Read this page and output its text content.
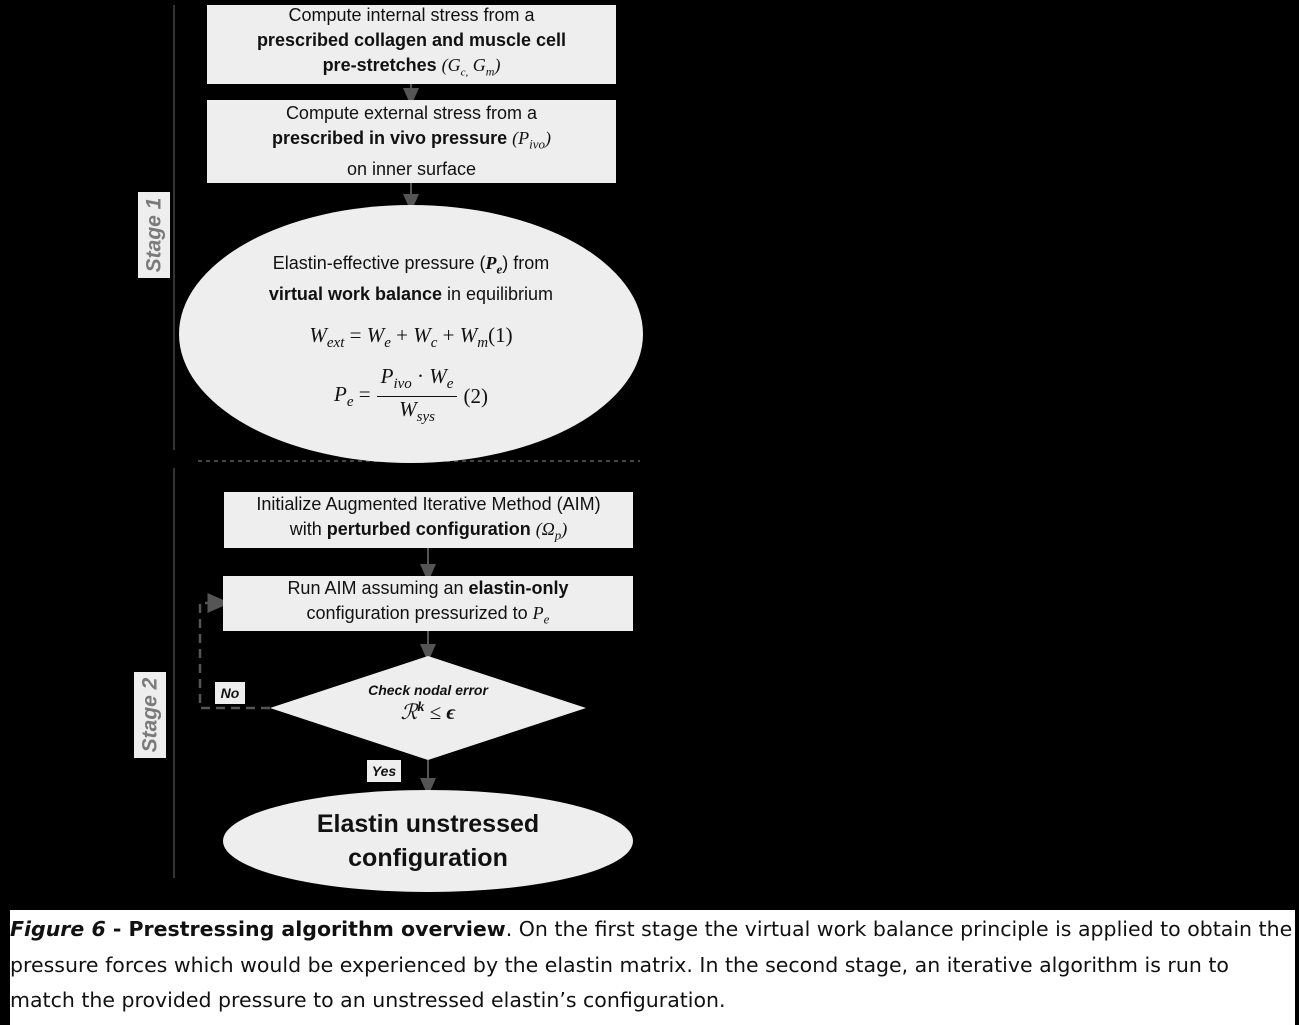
Stage 1
Stage 2
Compute internal stress from a
prescribed collagen and muscle cell
pre-stretches ($G_{c,}$ $G_m$)
Compute external stress from a
prescribed in vivo pressure $(P_{ivo})$
on inner surface
Elastin-effective pressure $(P_e)$ from
virtual work balance in equilibrium
$W_{ext} = W_e + W_c + W_m(1)$
$P_e = \frac{P_{ivo} \cdot W_e}{W_{sys}} (2)$
Initialize Augmented Iterative Method (AIM)
with perturbed configuration $(\Omega_p)$
Run AIM assuming an elastin-only
configuration pressurized to $P_e$
Check nodal error
ℛ$^k$ ≤ ϵ
No
Yes
Elastin unstressed
configuration
Figure 6 - Prestressing algorithm overview. On the first stage the virtual work balance principle is applied to obtain the pressure forces which would be experienced by the elastin matrix. In the second stage, an iterative algorithm is run to match the provided pressure to an unstressed elastin’s configuration.
